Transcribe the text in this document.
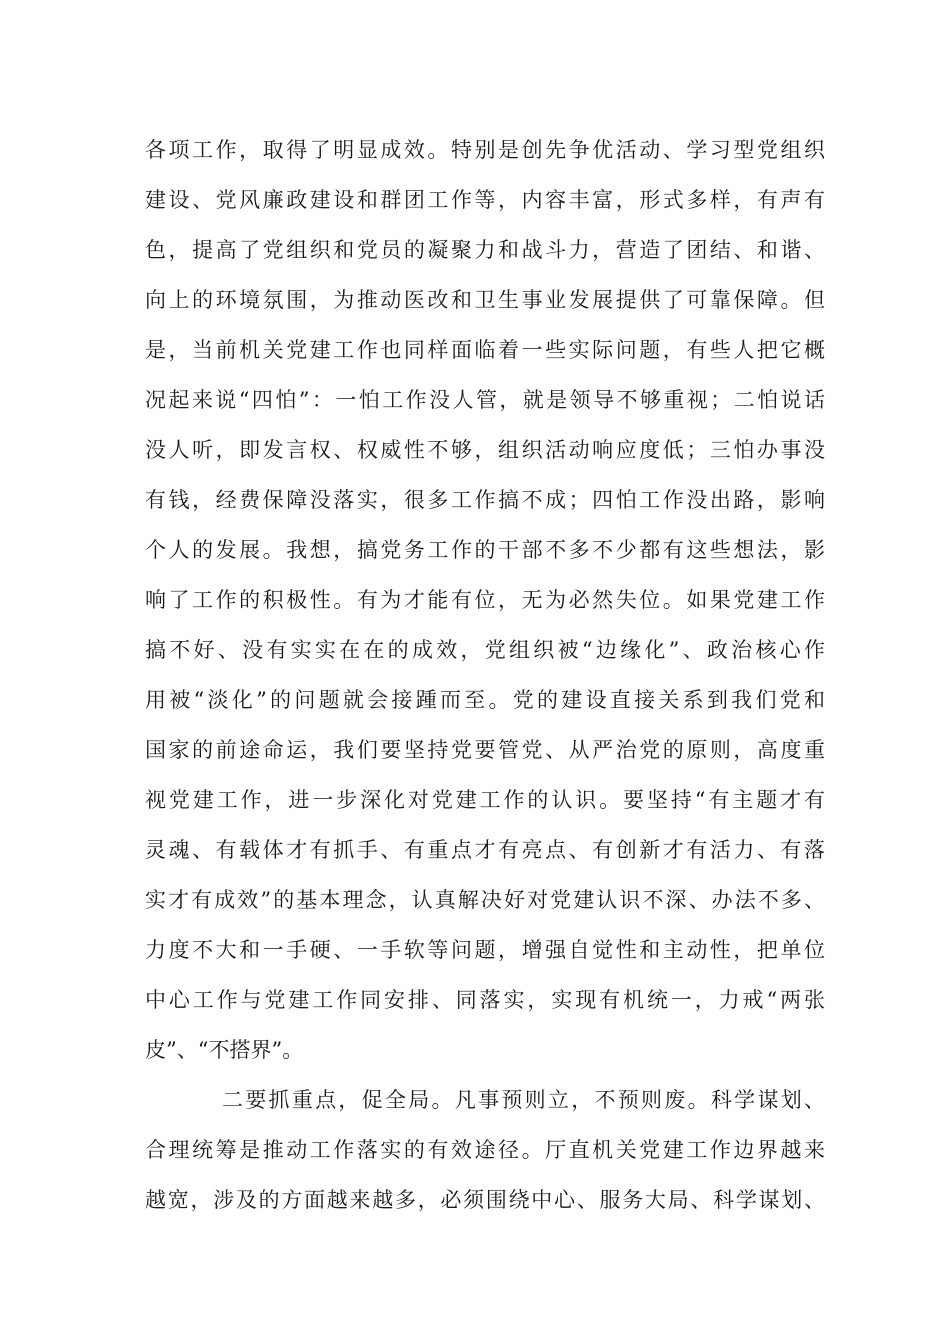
各项工作，取得了明显成效。特别是创先争优活动、学习型党组织
建设、党风廉政建设和群团工作等，内容丰富，形式多样，有声有
色，提高了党组织和党员的凝聚力和战斗力，营造了团结、和谐、
向上的环境氛围，为推动医改和卫生事业发展提供了可靠保障。但
是，当前机关党建工作也同样面临着一些实际问题，有些人把它概
况起来说“四怕”：一怕工作没人管，就是领导不够重视；二怕说话
没人听，即发言权、权威性不够，组织活动响应度低；三怕办事没
有钱，经费保障没落实，很多工作搞不成；四怕工作没出路，影响
个人的发展。我想，搞党务工作的干部不多不少都有这些想法，影
响了工作的积极性。有为才能有位，无为必然失位。如果党建工作
搞不好、没有实实在在的成效，党组织被“边缘化”、政治核心作
用被“淡化”的问题就会接踵而至。党的建设直接关系到我们党和
国家的前途命运，我们要坚持党要管党、从严治党的原则，高度重
视党建工作，进一步深化对党建工作的认识。要坚持“有主题才有
灵魂、有载体才有抓手、有重点才有亮点、有创新才有活力、有落
实才有成效”的基本理念，认真解决好对党建认识不深、办法不多、
力度不大和一手硬、一手软等问题，增强自觉性和主动性，把单位
中心工作与党建工作同安排、同落实，实现有机统一，力戒“两张
皮”、“不搭界”。
二要抓重点，促全局。凡事预则立，不预则废。科学谋划、
合理统筹是推动工作落实的有效途径。厅直机关党建工作边界越来
越宽，涉及的方面越来越多，必须围绕中心、服务大局、科学谋划、
